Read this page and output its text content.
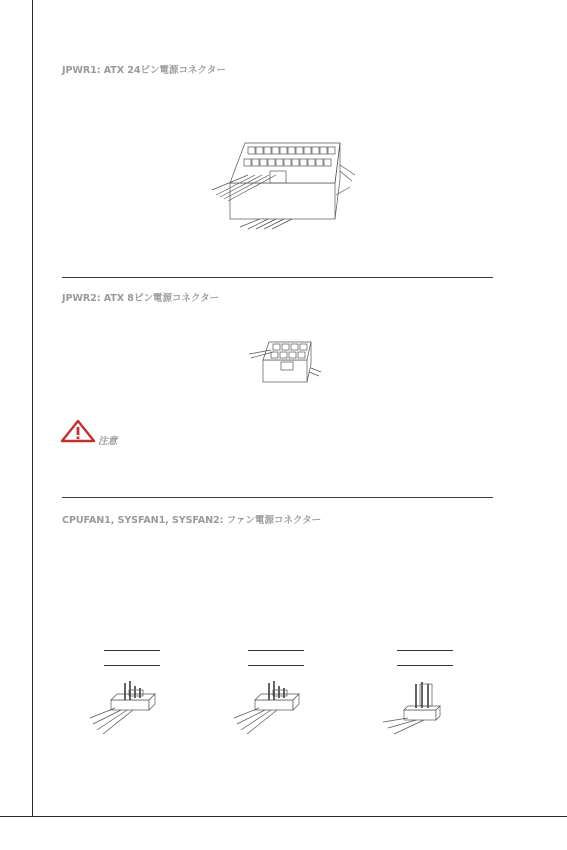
JPWR1: ATX 24ピン電源コネクター
JPWR2: ATX 8ピン電源コネクター
注意
CPUFAN1, SYSFAN1, SYSFAN2: ファン電源コネクター
